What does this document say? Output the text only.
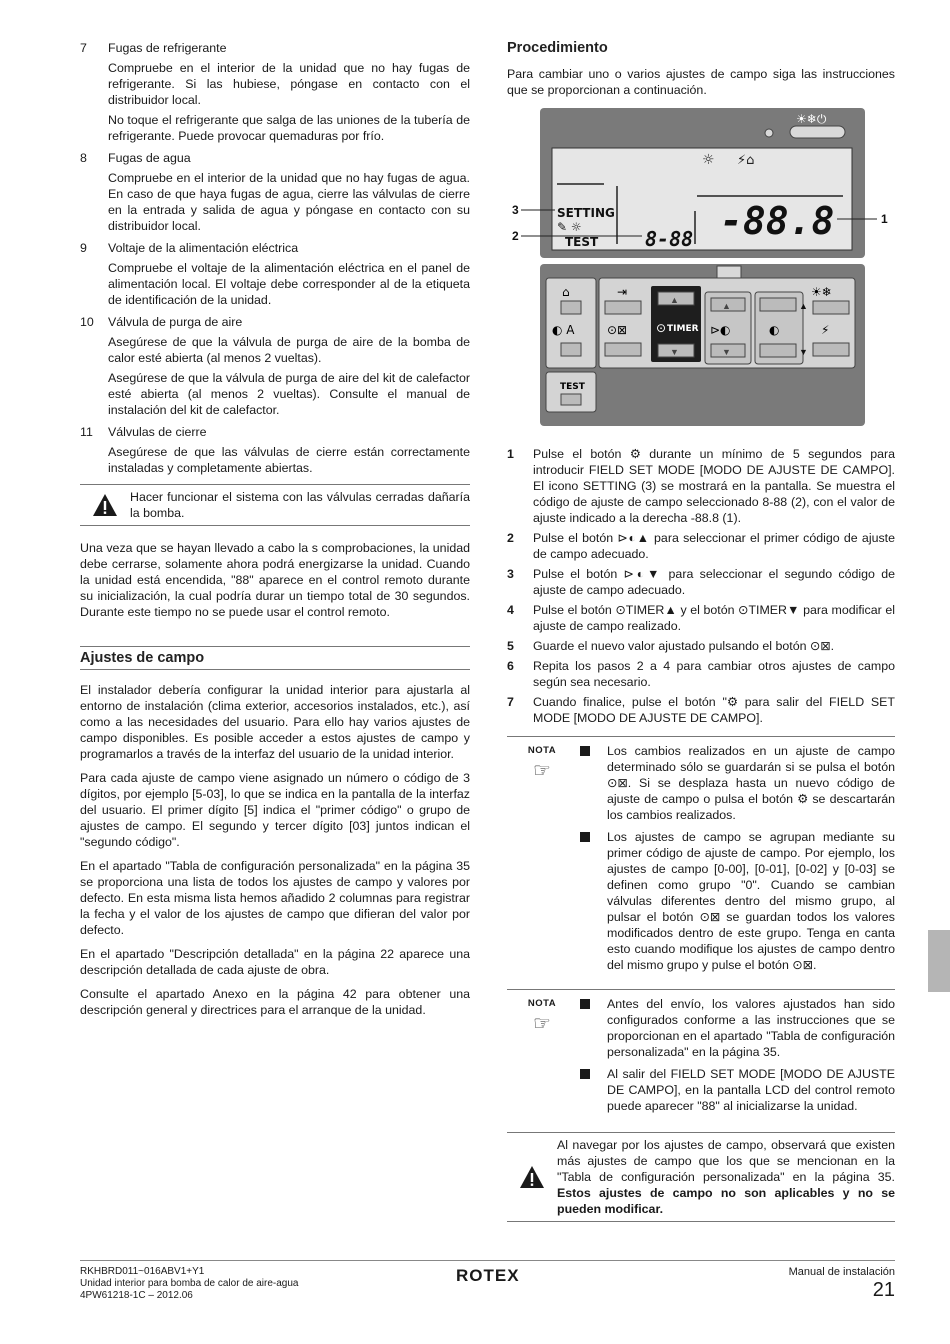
7	Fugas de refrigerante

Compruebe en el interior de la unidad que no hay fugas de refrigerante. Si las hubiese, póngase en contacto con el distribuidor local.

No toque el refrigerante que salga de las uniones de la tubería de refrigerante. Puede provocar quemaduras por frío.

8	Fugas de agua

Compruebe en el interior de la unidad que no hay fugas de agua. En caso de que haya fugas de agua, cierre las válvulas de cierre en la entrada y salida de agua y póngase en contacto con su distribuidor local.

9	Voltaje de la alimentación eléctrica

Compruebe el voltaje de la alimentación eléctrica en el panel de alimentación local. El voltaje debe corresponder al de la etiqueta de identificación de la unidad.

10	Válvula de purga de aire

Asegúrese de que la válvula de purga de aire de la bomba de calor esté abierta (al menos 2 vueltas).

Asegúrese de que la válvula de purga de aire del kit de calefactor esté abierta (al menos 2 vueltas). Consulte el manual de instalación del kit de calefactor.

11	Válvulas de cierre

Asegúrese de que las válvulas de cierre están correctamente instaladas y completamente abiertas.

Hacer funcionar el sistema con las válvulas cerradas dañaría la bomba.

Una veza que se hayan llevado a cabo la s comprobaciones, la unidad debe cerrarse, solamente ahora podrá energizarse la unidad. Cuando la unidad está encendida, "88" aparece en el control remoto durante su inicialización, la cual podría durar un tiempo total de 30 segundos. Durante este tiempo no se puede usar el control remoto.

Ajustes de campo

El instalador debería configurar la unidad interior para ajustarla al entorno de instalación (clima exterior, accesorios instalados, etc.), así como a las necesidades del usuario. Para ello hay varios ajustes de campo disponibles. Es posible acceder a estos ajustes de campo y programarlos a través de la interfaz del usuario de la unidad interior.

Para cada ajuste de campo viene asignado un número o código de 3 dígitos, por ejemplo [5-03], lo que se indica en la pantalla de la interfaz del usuario. El primer dígito [5] indica el "primer código" o grupo de ajustes de campo. El segundo y tercer dígito [03] juntos indican el "segundo código".

En el apartado "Tabla de configuración personalizada" en la página 35 se proporciona una lista de todos los ajustes de campo y valores por defecto. En esta misma lista hemos añadido 2 columnas para registrar la fecha y el valor de los ajustes de campo que difieran del valor por defecto.

En el apartado "Descripción detallada" en la página 22 aparece una descripción detallada de cada ajuste de obra.

Consulte el apartado Anexo en la página 42 para obtener una descripción general y directrices para el arranque de la unidad.

Procedimiento

Para cambiar uno o varios ajustes de campo siga las instrucciones que se proporcionan a continuación.

☀❄⏻
☼ ⚡⌂
SETTING
✎ ☼
TEST 8-88 -88.8
3
2
1
⌂
◐ A
TEST
⇥
⊙⊠
▲
⊙ TIMER
▼
▲
⊳◐
▼
▲
◐
▼
☀❄
⚡
1	Pulse el botón ⚙ durante un mínimo de 5 segundos para introducir FIELD SET MODE [MODO DE AJUSTE DE CAMPO]. El icono SETTING (3) se mostrará en la pantalla. Se muestra el código de ajuste de campo seleccionado 8-88 (2), con el valor de ajuste indicado a la derecha -88.8 (1).
2	Pulse el botón ⊳◐▲ para seleccionar el primer código de ajuste de campo adecuado.
3	Pulse el botón ⊳◐▼ para seleccionar el segundo código de ajuste de campo adecuado.
4	Pulse el botón ⊙TIMER▲ y el botón ⊙TIMER▼ para modificar el ajuste de campo realizado.
5	Guarde el nuevo valor ajustado pulsando el botón ⊙⊠.
6	Repita los pasos 2 a 4 para cambiar otros ajustes de campo según sea necesario.
7	Cuando finalice, pulse el botón "⚙ para salir del FIELD SET MODE [MODO DE AJUSTE DE CAMPO].
NOTA
☞
Los cambios realizados en un ajuste de campo determinado sólo se guardarán si se pulsa el botón ⊙⊠. Si se desplaza hasta un nuevo código de ajuste de campo o pulsa el botón ⚙ se descartarán los cambios realizados.
Los ajustes de campo se agrupan mediante su primer código de ajuste de campo. Por ejemplo, los ajustes de campo [0-00], [0-01], [0-02] y [0-03] se definen como grupo "0". Cuando se cambian válvulas diferentes dentro del mismo grupo, al pulsar el botón ⊙⊠ se guardan todos los valores modificados dentro de este grupo. Tenga en canta esto cuando modifique los ajustes de campo dentro del mismo grupo y pulse el botón ⊙⊠.
NOTA
☞
Antes del envío, los valores ajustados han sido configurados conforme a las instrucciones que se proporcionan en el apartado "Tabla de configuración personalizada" en la página 35.
Al salir del FIELD SET MODE [MODO DE AJUSTE DE CAMPO], en la pantalla LCD del control remoto puede aparecer "88" al inicializarse la unidad.
Al navegar por los ajustes de campo, observará que existen más ajustes de campo que los que se mencionan en la "Tabla de configuración personalizada" en la página 35. Estos ajustes de campo no son aplicables y no se pueden modificar.
RKHBRD011~016ABV1+Y1
Unidad interior para bomba de calor de aire-agua
4PW61218-1C – 2012.06
ROTEX	Manual de instalación
21
